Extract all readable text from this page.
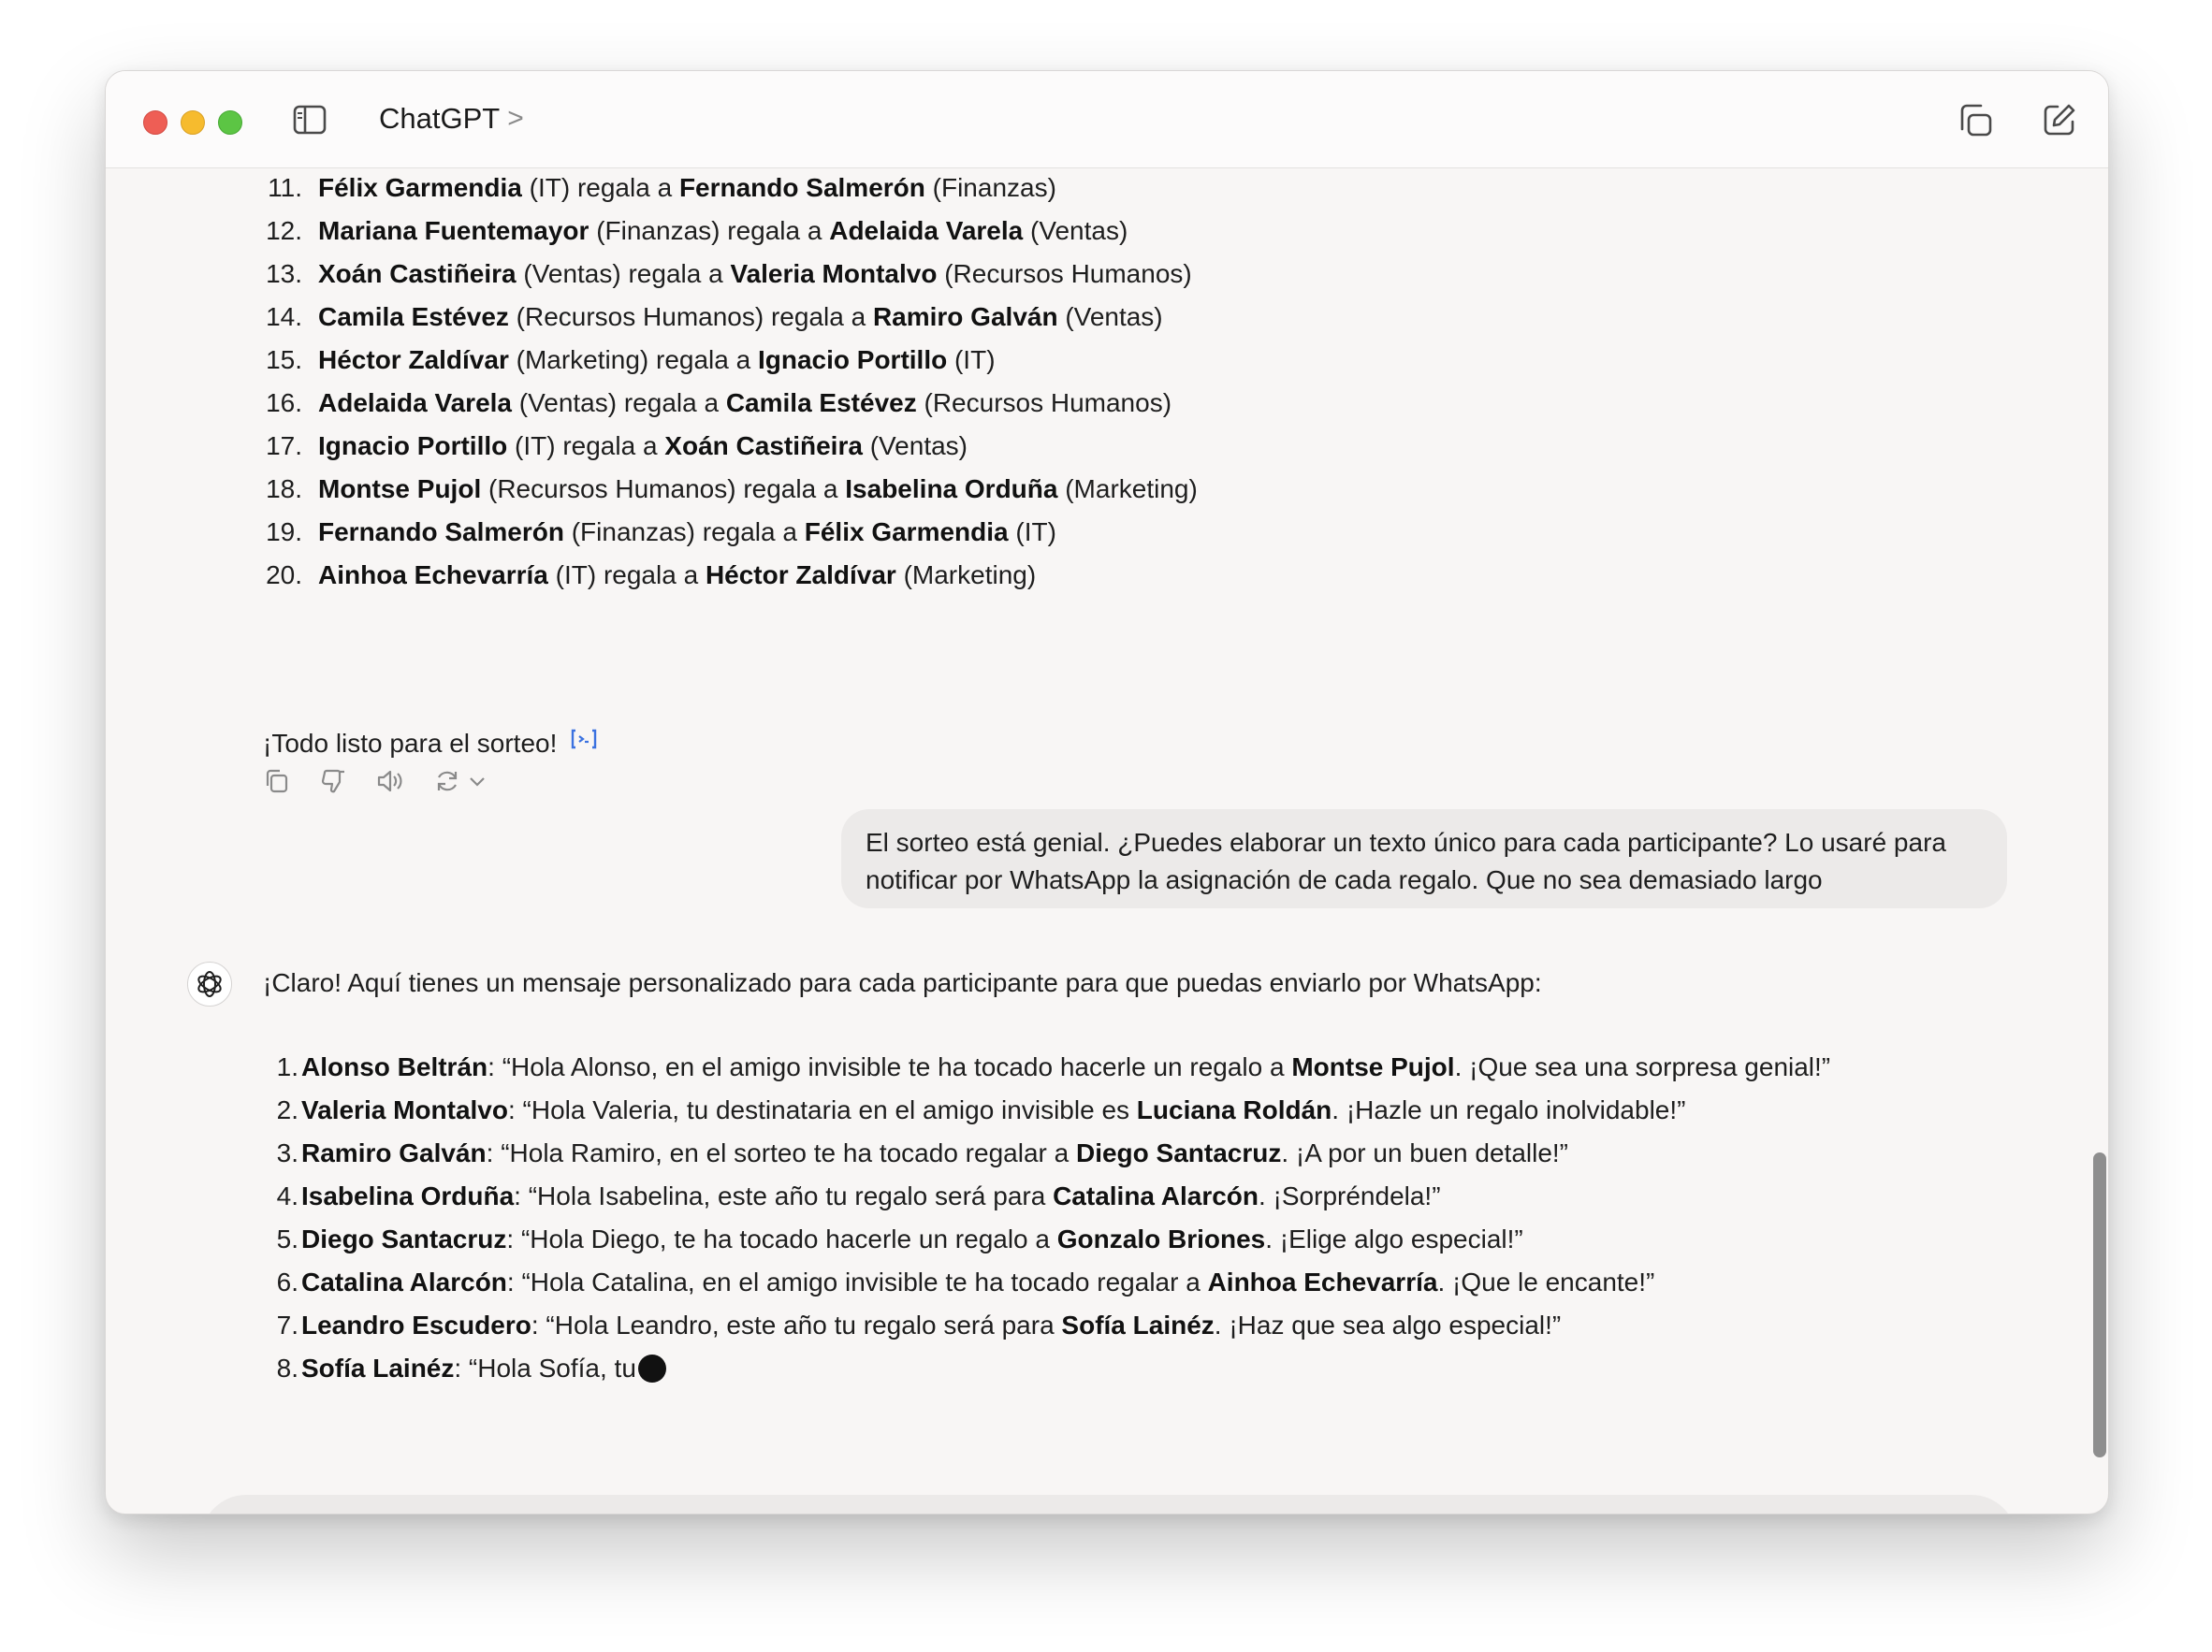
ChatGPT >
11. Félix Garmendia (IT) regala a Fernando Salmerón (Finanzas)
12. Mariana Fuentemayor (Finanzas) regala a Adelaida Varela (Ventas)
13. Xoán Castiñeira (Ventas) regala a Valeria Montalvo (Recursos Humanos)
14. Camila Estévez (Recursos Humanos) regala a Ramiro Galván (Ventas)
15. Héctor Zaldívar (Marketing) regala a Ignacio Portillo (IT)
16. Adelaida Varela (Ventas) regala a Camila Estévez (Recursos Humanos)
17. Ignacio Portillo (IT) regala a Xoán Castiñeira (Ventas)
18. Montse Pujol (Recursos Humanos) regala a Isabelina Orduña (Marketing)
19. Fernando Salmerón (Finanzas) regala a Félix Garmendia (IT)
20. Ainhoa Echevarría (IT) regala a Héctor Zaldívar (Marketing)
¡Todo listo para el sorteo!
El sorteo está genial. ¿Puedes elaborar un texto único para cada participante? Lo usaré para notificar por WhatsApp la asignación de cada regalo. Que no sea demasiado largo
¡Claro! Aquí tienes un mensaje personalizado para cada participante para que puedas enviarlo por WhatsApp:
1. Alonso Beltrán: “Hola Alonso, en el amigo invisible te ha tocado hacerle un regalo a Montse Pujol. ¡Que sea una sorpresa genial!”
2. Valeria Montalvo: “Hola Valeria, tu destinataria en el amigo invisible es Luciana Roldán. ¡Hazle un regalo inolvidable!”
3. Ramiro Galván: “Hola Ramiro, en el sorteo te ha tocado regalar a Diego Santacruz. ¡A por un buen detalle!”
4. Isabelina Orduña: “Hola Isabelina, este año tu regalo será para Catalina Alarcón. ¡Sorpréndela!”
5. Diego Santacruz: “Hola Diego, te ha tocado hacerle un regalo a Gonzalo Briones. ¡Elige algo especial!”
6. Catalina Alarcón: “Hola Catalina, en el amigo invisible te ha tocado regalar a Ainhoa Echevarría. ¡Que le encante!”
7. Leandro Escudero: “Hola Leandro, este año tu regalo será para Sofía Lainéz. ¡Haz que sea algo especial!”
8. Sofía Lainéz: “Hola Sofía, tu
